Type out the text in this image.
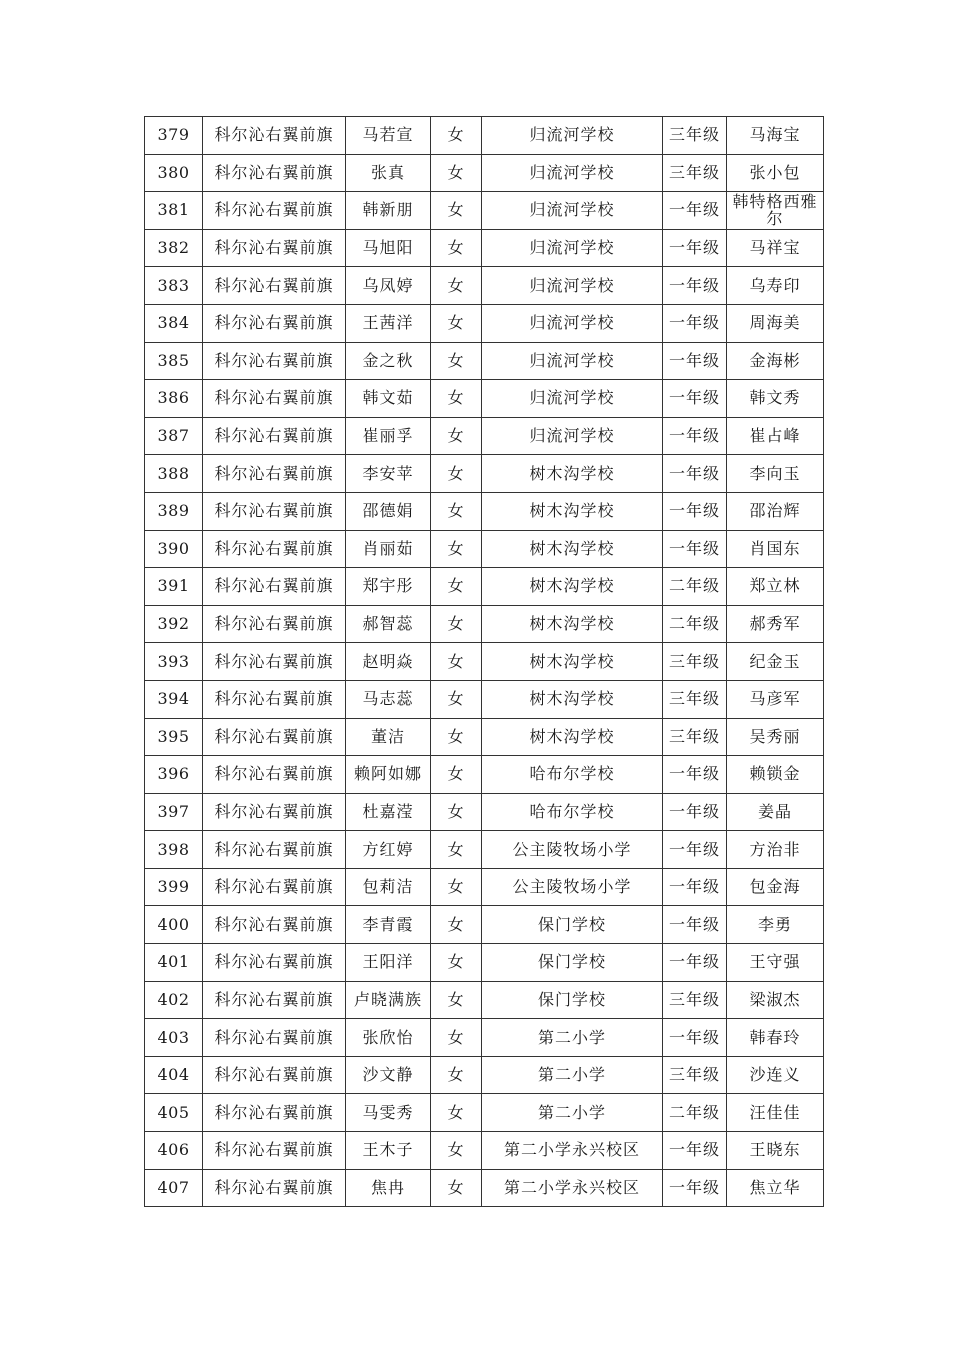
379	科尔沁右翼前旗	马若宣	女	归流河学校	三年级	马海宝
380	科尔沁右翼前旗	张真	女	归流河学校	三年级	张小包
381	科尔沁右翼前旗	韩新朋	女	归流河学校	一年级	韩特格西雅尔
382	科尔沁右翼前旗	马旭阳	女	归流河学校	一年级	马祥宝
383	科尔沁右翼前旗	乌凤婷	女	归流河学校	一年级	乌寿印
384	科尔沁右翼前旗	王茜洋	女	归流河学校	一年级	周海美
385	科尔沁右翼前旗	金之秋	女	归流河学校	一年级	金海彬
386	科尔沁右翼前旗	韩文茹	女	归流河学校	一年级	韩文秀
387	科尔沁右翼前旗	崔丽孚	女	归流河学校	一年级	崔占峰
388	科尔沁右翼前旗	李安苹	女	树木沟学校	一年级	李向玉
389	科尔沁右翼前旗	邵德娟	女	树木沟学校	一年级	邵治辉
390	科尔沁右翼前旗	肖丽茹	女	树木沟学校	一年级	肖国东
391	科尔沁右翼前旗	郑宇彤	女	树木沟学校	二年级	郑立林
392	科尔沁右翼前旗	郝智蕊	女	树木沟学校	二年级	郝秀军
393	科尔沁右翼前旗	赵明焱	女	树木沟学校	三年级	纪金玉
394	科尔沁右翼前旗	马志蕊	女	树木沟学校	三年级	马彦军
395	科尔沁右翼前旗	董洁	女	树木沟学校	三年级	吴秀丽
396	科尔沁右翼前旗	赖阿如娜	女	哈布尔学校	一年级	赖锁金
397	科尔沁右翼前旗	杜嘉滢	女	哈布尔学校	一年级	姜晶
398	科尔沁右翼前旗	方红婷	女	公主陵牧场小学	一年级	方治非
399	科尔沁右翼前旗	包莉洁	女	公主陵牧场小学	一年级	包金海
400	科尔沁右翼前旗	李青霞	女	保门学校	一年级	李勇
401	科尔沁右翼前旗	王阳洋	女	保门学校	一年级	王守强
402	科尔沁右翼前旗	卢晓满族	女	保门学校	三年级	梁淑杰
403	科尔沁右翼前旗	张欣怡	女	第二小学	一年级	韩春玲
404	科尔沁右翼前旗	沙文静	女	第二小学	三年级	沙连义
405	科尔沁右翼前旗	马雯秀	女	第二小学	二年级	汪佳佳
406	科尔沁右翼前旗	王木子	女	第二小学永兴校区	一年级	王晓东
407	科尔沁右翼前旗	焦冉	女	第二小学永兴校区	一年级	焦立华
